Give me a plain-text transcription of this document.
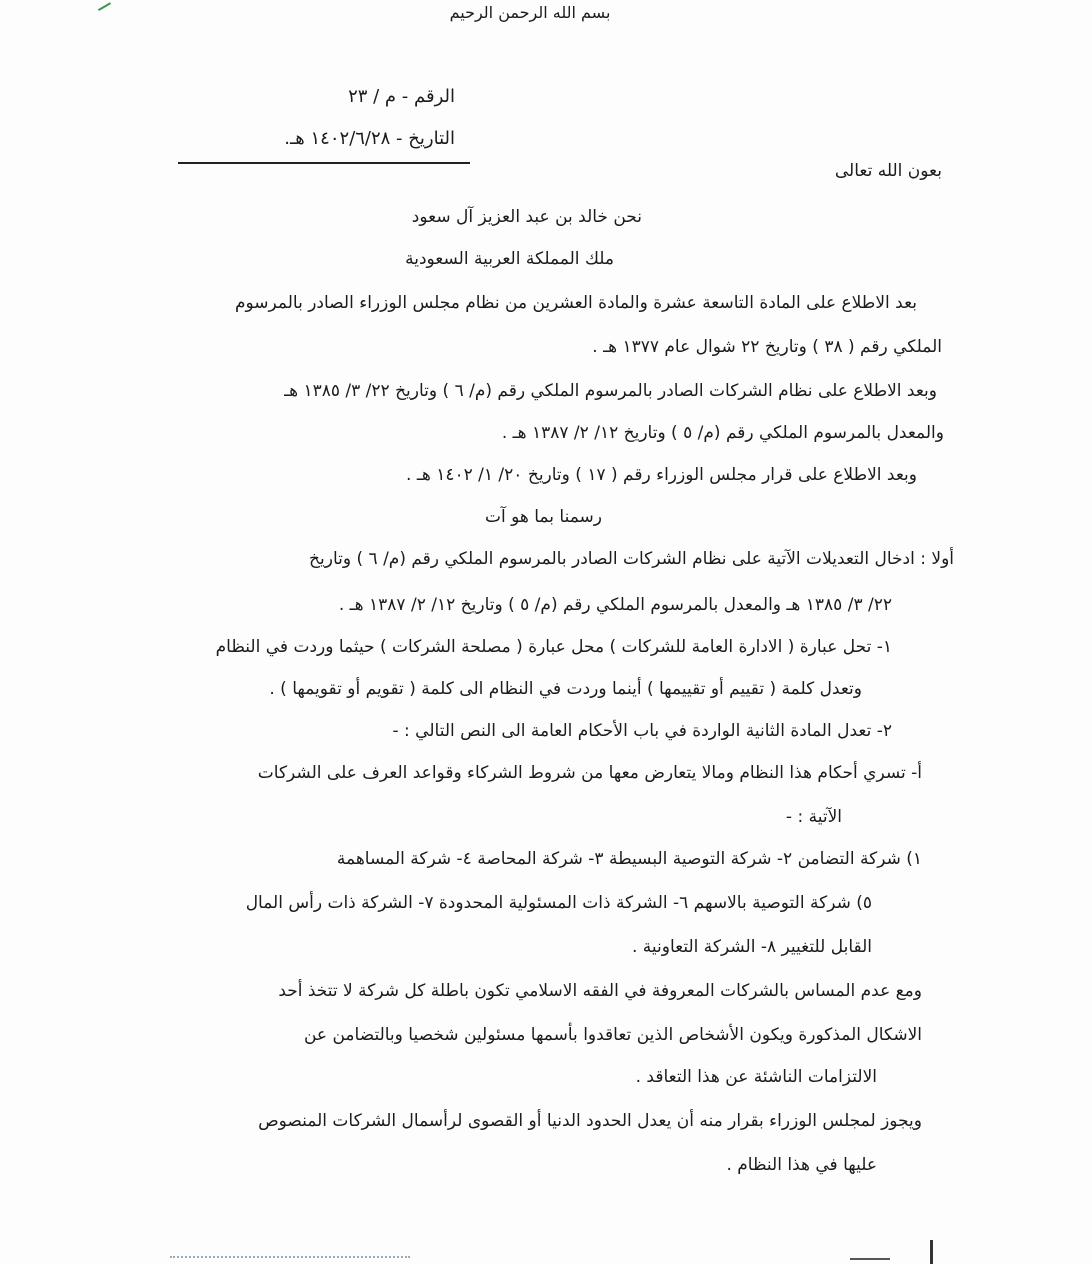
بسم الله الرحمن الرحيم
الرقم - م / ٢٣
التاريخ - ١٤٠٢/٦/٢٨ هـ.
بعون الله تعالى
نحن خالد بن عبد العزيز آل سعود
ملك المملكة العربية السعودية
بعد الاطلاع على المادة التاسعة عشرة والمادة العشرين من نظام مجلس الوزراء الصادر بالمرسوم
الملكي رقم ( ٣٨ ) وتاريخ ٢٢ شوال عام ١٣٧٧ هـ .
وبعد الاطلاع على نظام الشركات الصادر بالمرسوم الملكي رقم (م/ ٦ ) وتاريخ ٢٢/ ٣/ ١٣٨٥ هـ
والمعدل بالمرسوم الملكي رقم (م/ ٥ ) وتاريخ ١٢/ ٢/ ١٣٨٧ هـ .
وبعد الاطلاع على قرار مجلس الوزراء رقم ( ١٧ ) وتاريخ ٢٠/ ١/ ١٤٠٢ هـ .
رسمنا بما هو آت
أولا : ادخال التعديلات الآتية على نظام الشركات الصادر بالمرسوم الملكي رقم (م/ ٦ ) وتاريخ
٢٢/ ٣/ ١٣٨٥ هـ والمعدل بالمرسوم الملكي رقم (م/ ٥ ) وتاريخ ١٢/ ٢/ ١٣٨٧ هـ .
١- تحل عبارة ( الادارة العامة للشركات ) محل عبارة ( مصلحة الشركات ) حيثما وردت في النظام
وتعدل كلمة ( تقييم أو تقييمها ) أينما وردت في النظام الى كلمة ( تقويم أو تقويمها ) .
٢- تعدل المادة الثانية الواردة في باب الأحكام العامة الى النص التالي : -
أ- تسري أحكام هذا النظام ومالا يتعارض معها من شروط الشركاء وقواعد العرف على الشركات
الآتية : -
١) شركة التضامن ٢- شركة التوصية البسيطة ٣- شركة المحاصة ٤- شركة المساهمة
٥) شركة التوصية بالاسهم ٦- الشركة ذات المسئولية المحدودة ٧- الشركة ذات رأس المال
القابل للتغيير ٨- الشركة التعاونية .
ومع عدم المساس بالشركات المعروفة في الفقه الاسلامي تكون باطلة كل شركة لا تتخذ أحد
الاشكال المذكورة ويكون الأشخاص الذين تعاقدوا بأسمها مسئولين شخصيا وبالتضامن عن
الالتزامات الناشئة عن هذا التعاقد .
ويجوز لمجلس الوزراء بقرار منه أن يعدل الحدود الدنيا أو القصوى لرأسمال الشركات المنصوص
عليها في هذا النظام .
